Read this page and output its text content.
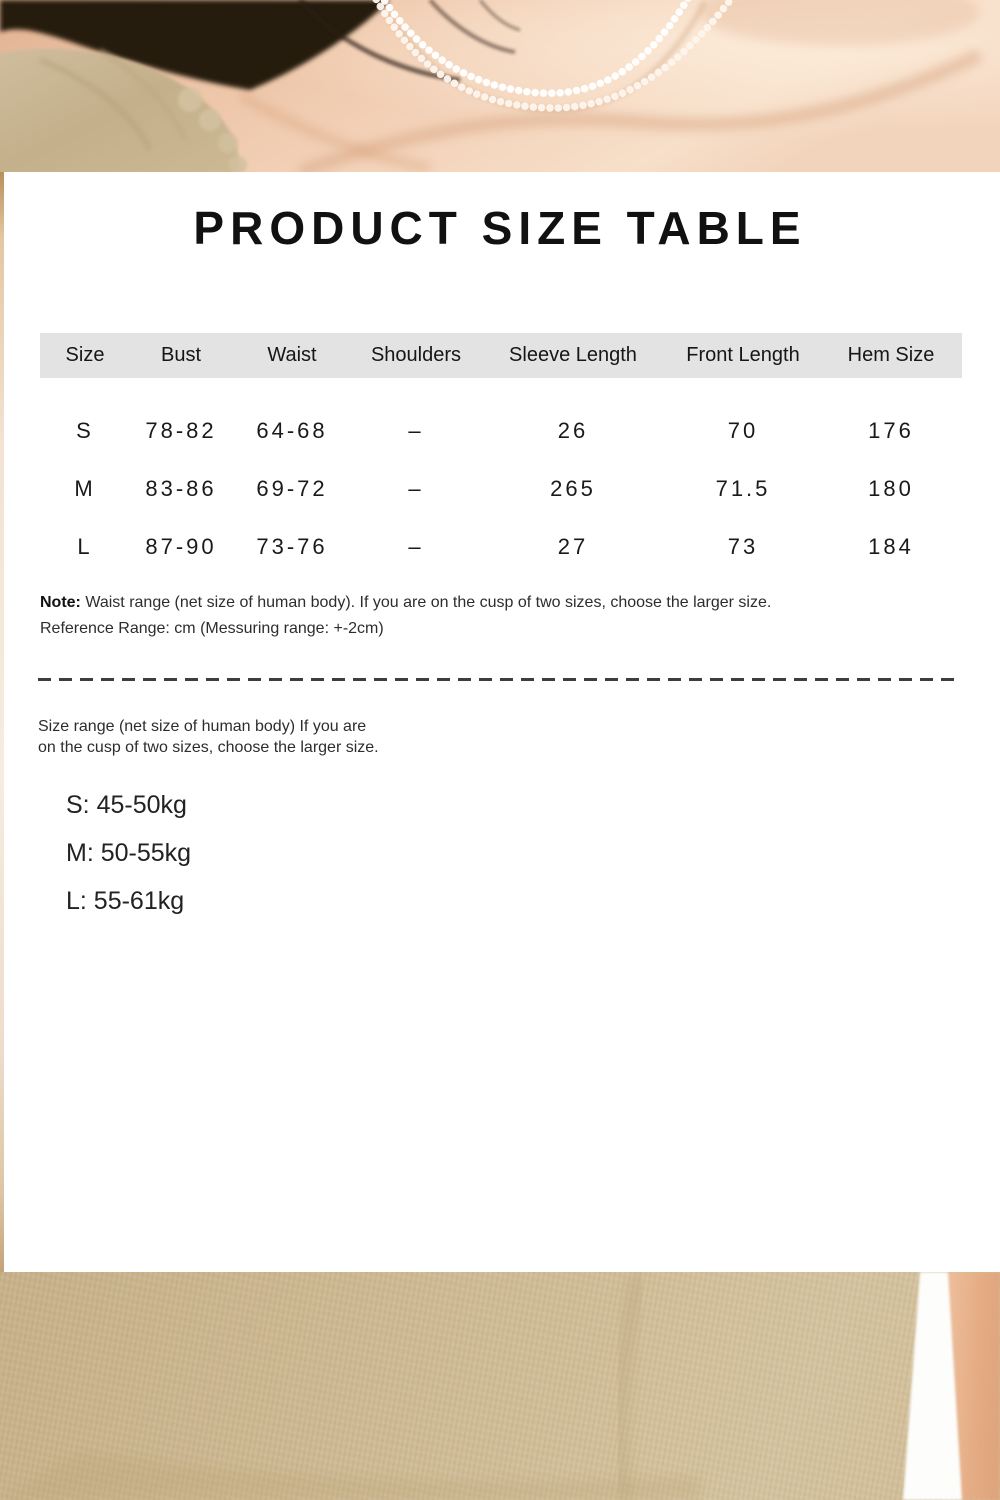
PRODUCT SIZE TABLE
Size	Bust	Waist	Shoulders	Sleeve Length	Front Length	Hem Size
S	78-82	64-68	–	26	70	176
M	83-86	69-72	–	265	71.5	180
L	87-90	73-76	–	27	73	184
Note: Waist range (net size of human body). If you are on the cusp of two sizes, choose the larger size.
Reference Range: cm (Messuring range: +-2cm)
Size range (net size of human body) If you are
on the cusp of two sizes, choose the larger size.
S: 45-50kg
M: 50-55kg
L: 55-61kg
